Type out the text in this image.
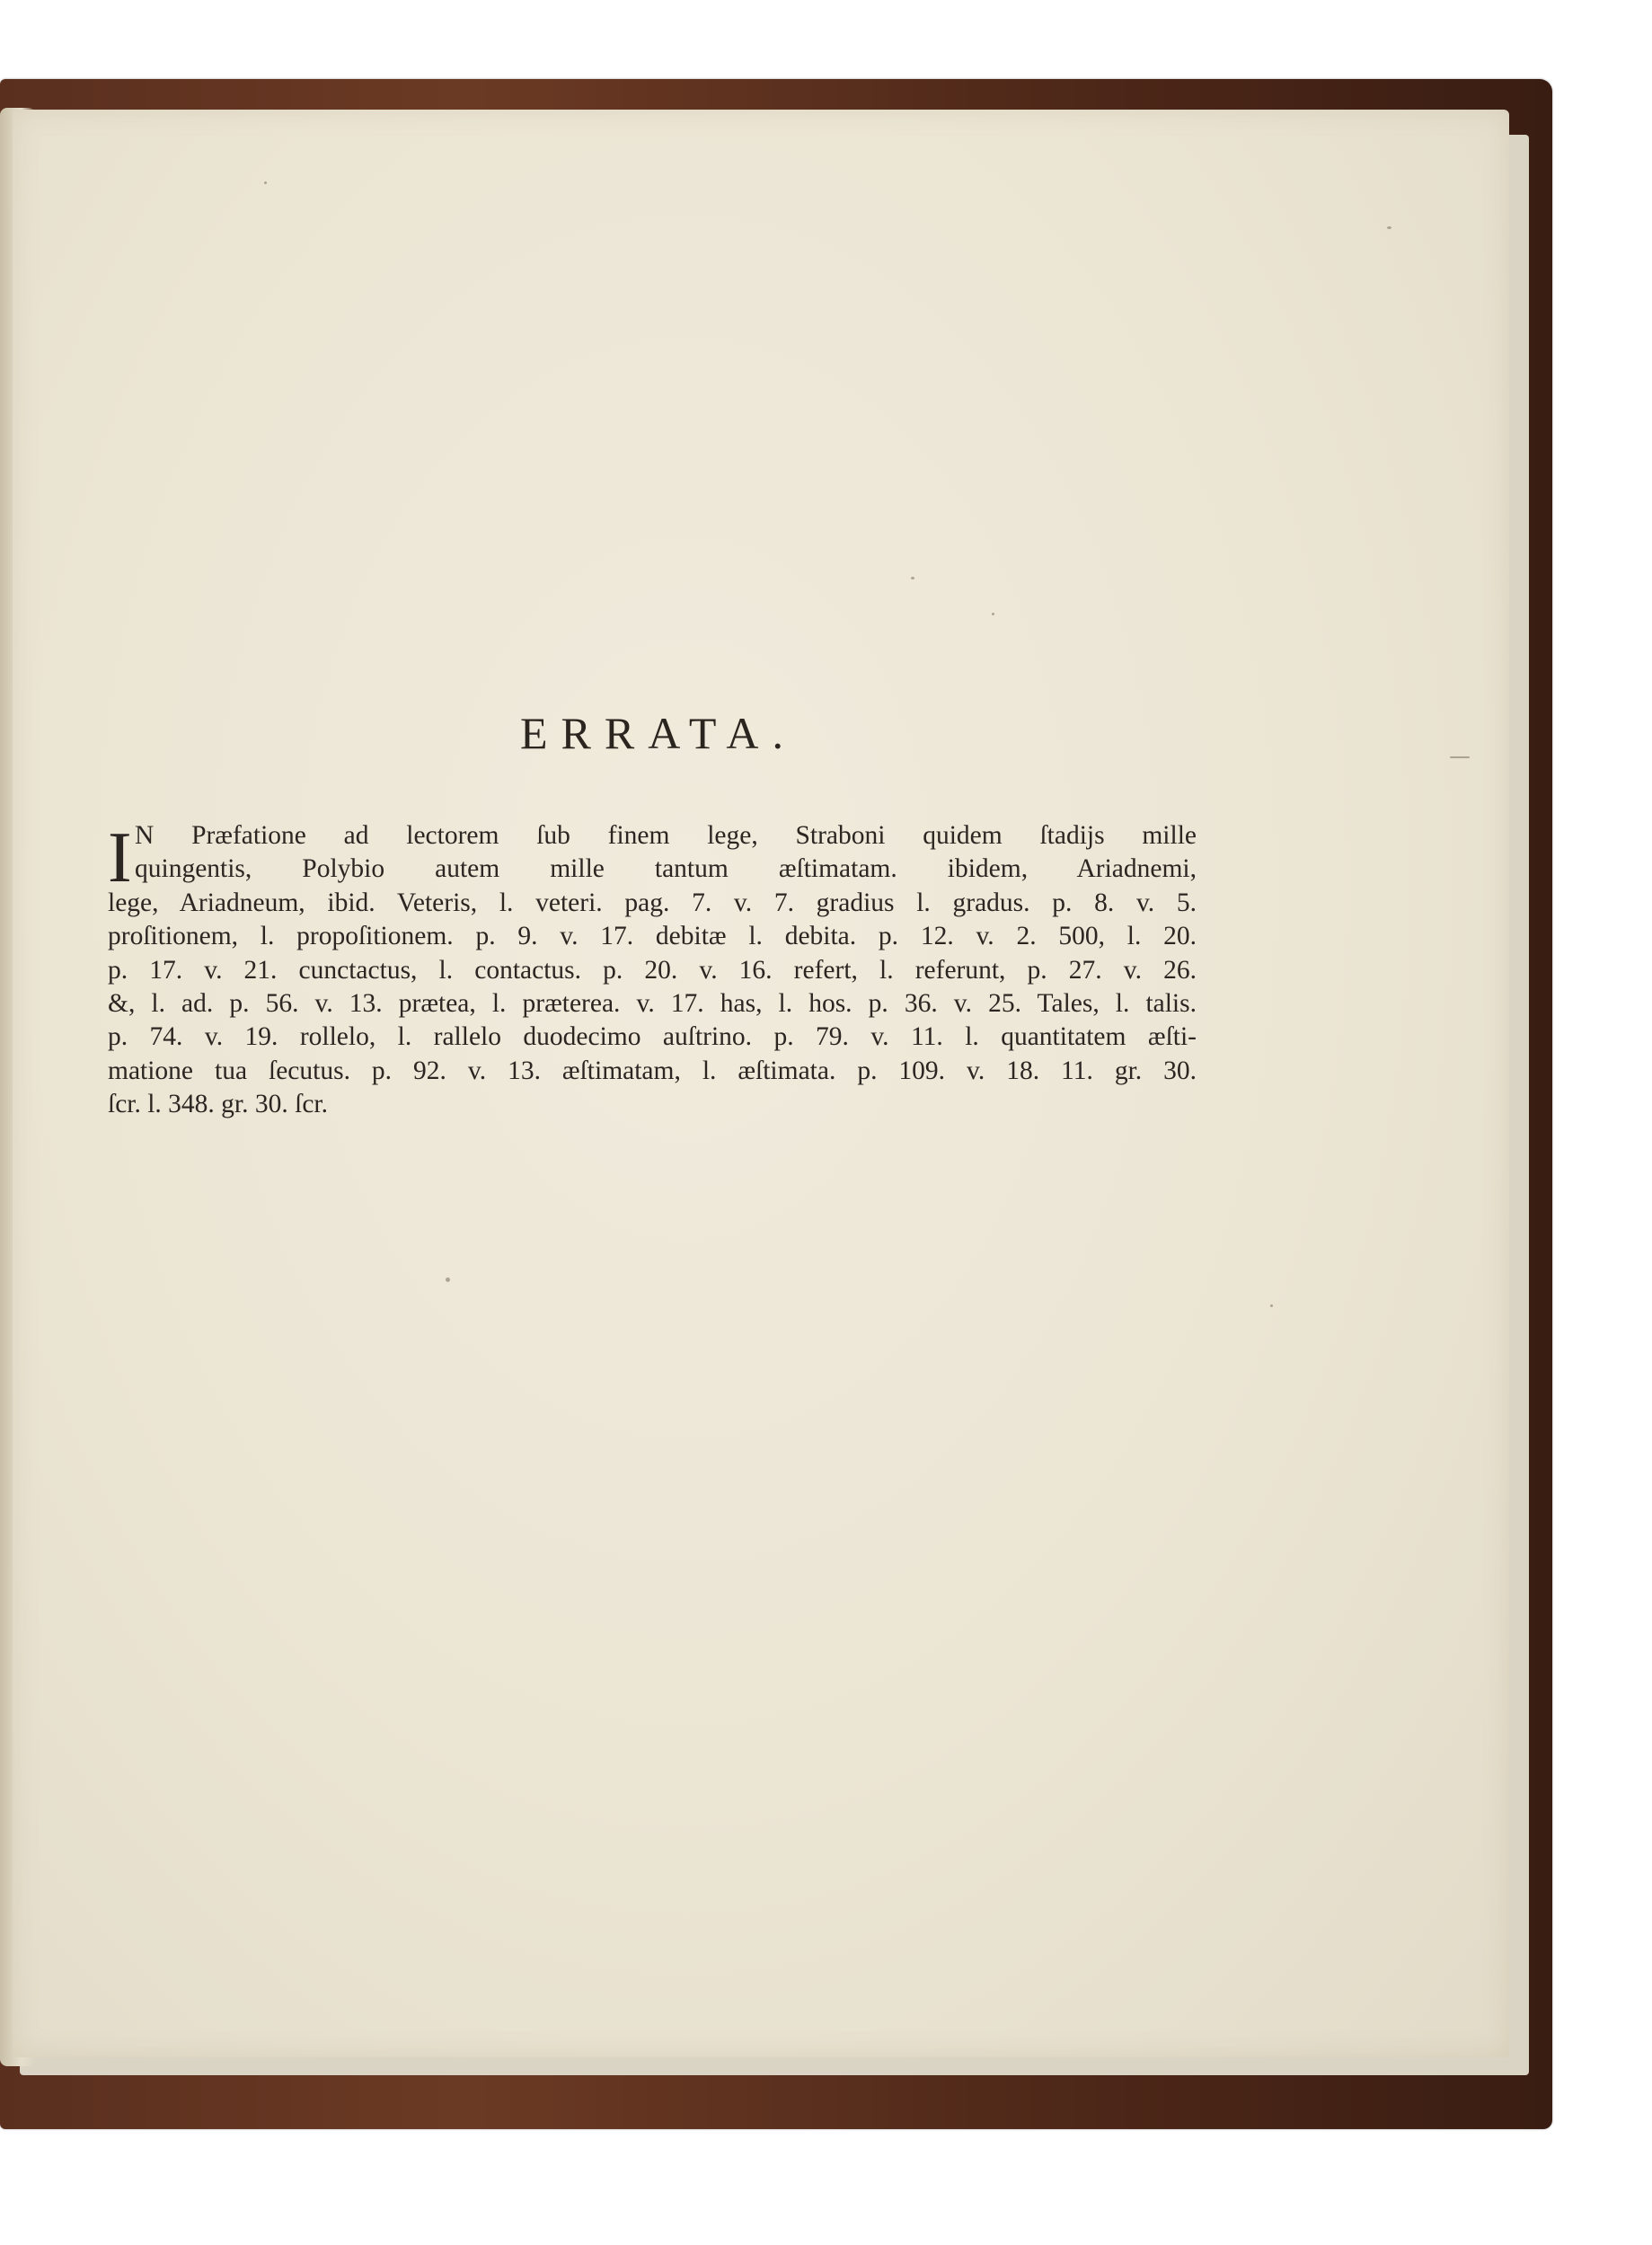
ERRATA.
I N Præfatione ad lectorem ſub finem lege, Straboni quidem ſtadijs mille
quingentis, Polybio autem mille tantum æſtimatam. ibidem, Ariadnemi,
lege, Ariadneum, ibid. Veteris, l. veteri. pag. 7. v. 7. gradius l. gradus. p. 8. v. 5.
proſitionem, l. propoſitionem. p. 9. v. 17. debitæ l. debita. p. 12. v. 2. 500, l. 20.
p. 17. v. 21. cunctactus, l. contactus. p. 20. v. 16. refert, l. referunt, p. 27. v. 26.
&, l. ad. p. 56. v. 13. prætea, l. prætereа. v. 17. has, l. hos. p. 36. v. 25. Tales, l. talis.
p. 74. v. 19. rollelo, l. rallelo duodecimo auſtrino. p. 79. v. 11. l. quantitatem æſti-
matione tua ſecutus. p. 92. v. 13. æſtimatam, l. æſtimata. p. 109. v. 18. 11. gr. 30.
ſcr. l. 348. gr. 30. ſcr.
